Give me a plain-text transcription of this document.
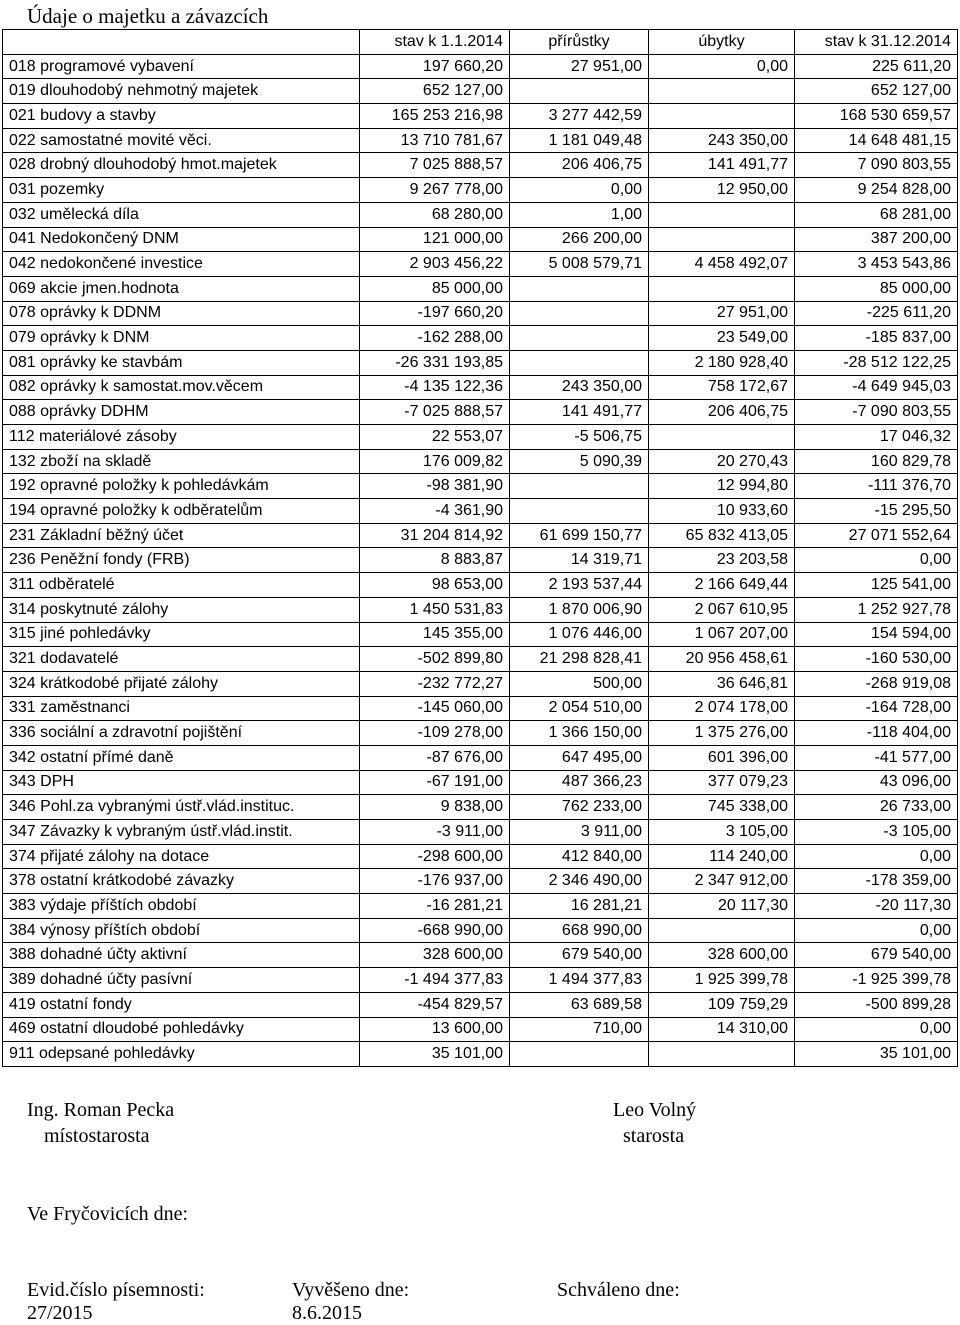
Údaje o majetku a závazcích
	stav k 1.1.2014	přírůstky	úbytky	stav k 31.12.2014
018 programové vybavení	197 660,20	27 951,00	0,00	225 611,20
019 dlouhodobý nehmotný majetek	652 127,00			652 127,00
021 budovy a stavby	165 253 216,98	3 277 442,59		168 530 659,57
022 samostatné movité věci.	13 710 781,67	1 181 049,48	243 350,00	14 648 481,15
028 drobný dlouhodobý hmot.majetek	7 025 888,57	206 406,75	141 491,77	7 090 803,55
031 pozemky	9 267 778,00	0,00	12 950,00	9 254 828,00
032 umělecká díla	68 280,00	1,00		68 281,00
041 Nedokončený DNM	121 000,00	266 200,00		387 200,00
042 nedokončené investice	2 903 456,22	5 008 579,71	4 458 492,07	3 453 543,86
069 akcie jmen.hodnota	85 000,00			85 000,00
078 oprávky k DDNM	-197 660,20		27 951,00	-225 611,20
079 oprávky k DNM	-162 288,00		23 549,00	-185 837,00
081 oprávky ke stavbám	-26 331 193,85		2 180 928,40	-28 512 122,25
082 oprávky k samostat.mov.věcem	-4 135 122,36	243 350,00	758 172,67	-4 649 945,03
088 oprávky DDHM	-7 025 888,57	141 491,77	206 406,75	-7 090 803,55
112 materiálové zásoby	22 553,07	-5 506,75		17 046,32
132 zboží na skladě	176 009,82	5 090,39	20 270,43	160 829,78
192 opravné položky k pohledávkám	-98 381,90		12 994,80	-111 376,70
194 opravné položky k odběratelům	-4 361,90		10 933,60	-15 295,50
231 Základní běžný účet	31 204 814,92	61 699 150,77	65 832 413,05	27 071 552,64
236 Peněžní fondy (FRB)	8 883,87	14 319,71	23 203,58	0,00
311 odběratelé	98 653,00	2 193 537,44	2 166 649,44	125 541,00
314 poskytnuté zálohy	1 450 531,83	1 870 006,90	2 067 610,95	1 252 927,78
315 jiné pohledávky	145 355,00	1 076 446,00	1 067 207,00	154 594,00
321 dodavatelé	-502 899,80	21 298 828,41	20 956 458,61	-160 530,00
324 krátkodobé přijaté zálohy	-232 772,27	500,00	36 646,81	-268 919,08
331 zaměstnanci	-145 060,00	2 054 510,00	2 074 178,00	-164 728,00
336 sociální a zdravotní pojištění	-109 278,00	1 366 150,00	1 375 276,00	-118 404,00
342 ostatní přímé daně	-87 676,00	647 495,00	601 396,00	-41 577,00
343 DPH	-67 191,00	487 366,23	377 079,23	43 096,00
346 Pohl.za vybranými ústř.vlád.instituc.	9 838,00	762 233,00	745 338,00	26 733,00
347 Závazky k vybraným ústř.vlád.instit.	-3 911,00	3 911,00	3 105,00	-3 105,00
374 přijaté zálohy na dotace	-298 600,00	412 840,00	114 240,00	0,00
378 ostatní krátkodobé závazky	-176 937,00	2 346 490,00	2 347 912,00	-178 359,00
383 výdaje příštích období	-16 281,21	16 281,21	20 117,30	-20 117,30
384 výnosy příštích období	-668 990,00	668 990,00		0,00
388 dohadné účty aktivní	328 600,00	679 540,00	328 600,00	679 540,00
389 dohadné účty pasívní	-1 494 377,83	1 494 377,83	1 925 399,78	-1 925 399,78
419 ostatní fondy	-454 829,57	63 689,58	109 759,29	-500 899,28
469 ostatní dloudobé pohledávky	13 600,00	710,00	14 310,00	0,00
911 odepsané pohledávky	35 101,00			35 101,00
Ing. Roman Pecka
místostarosta
Leo Volný
starosta
Ve Fryčovicích dne:
Evid.číslo písemnosti:
27/2015
Vyvěšeno dne:
8.6.2015
Schváleno dne:
